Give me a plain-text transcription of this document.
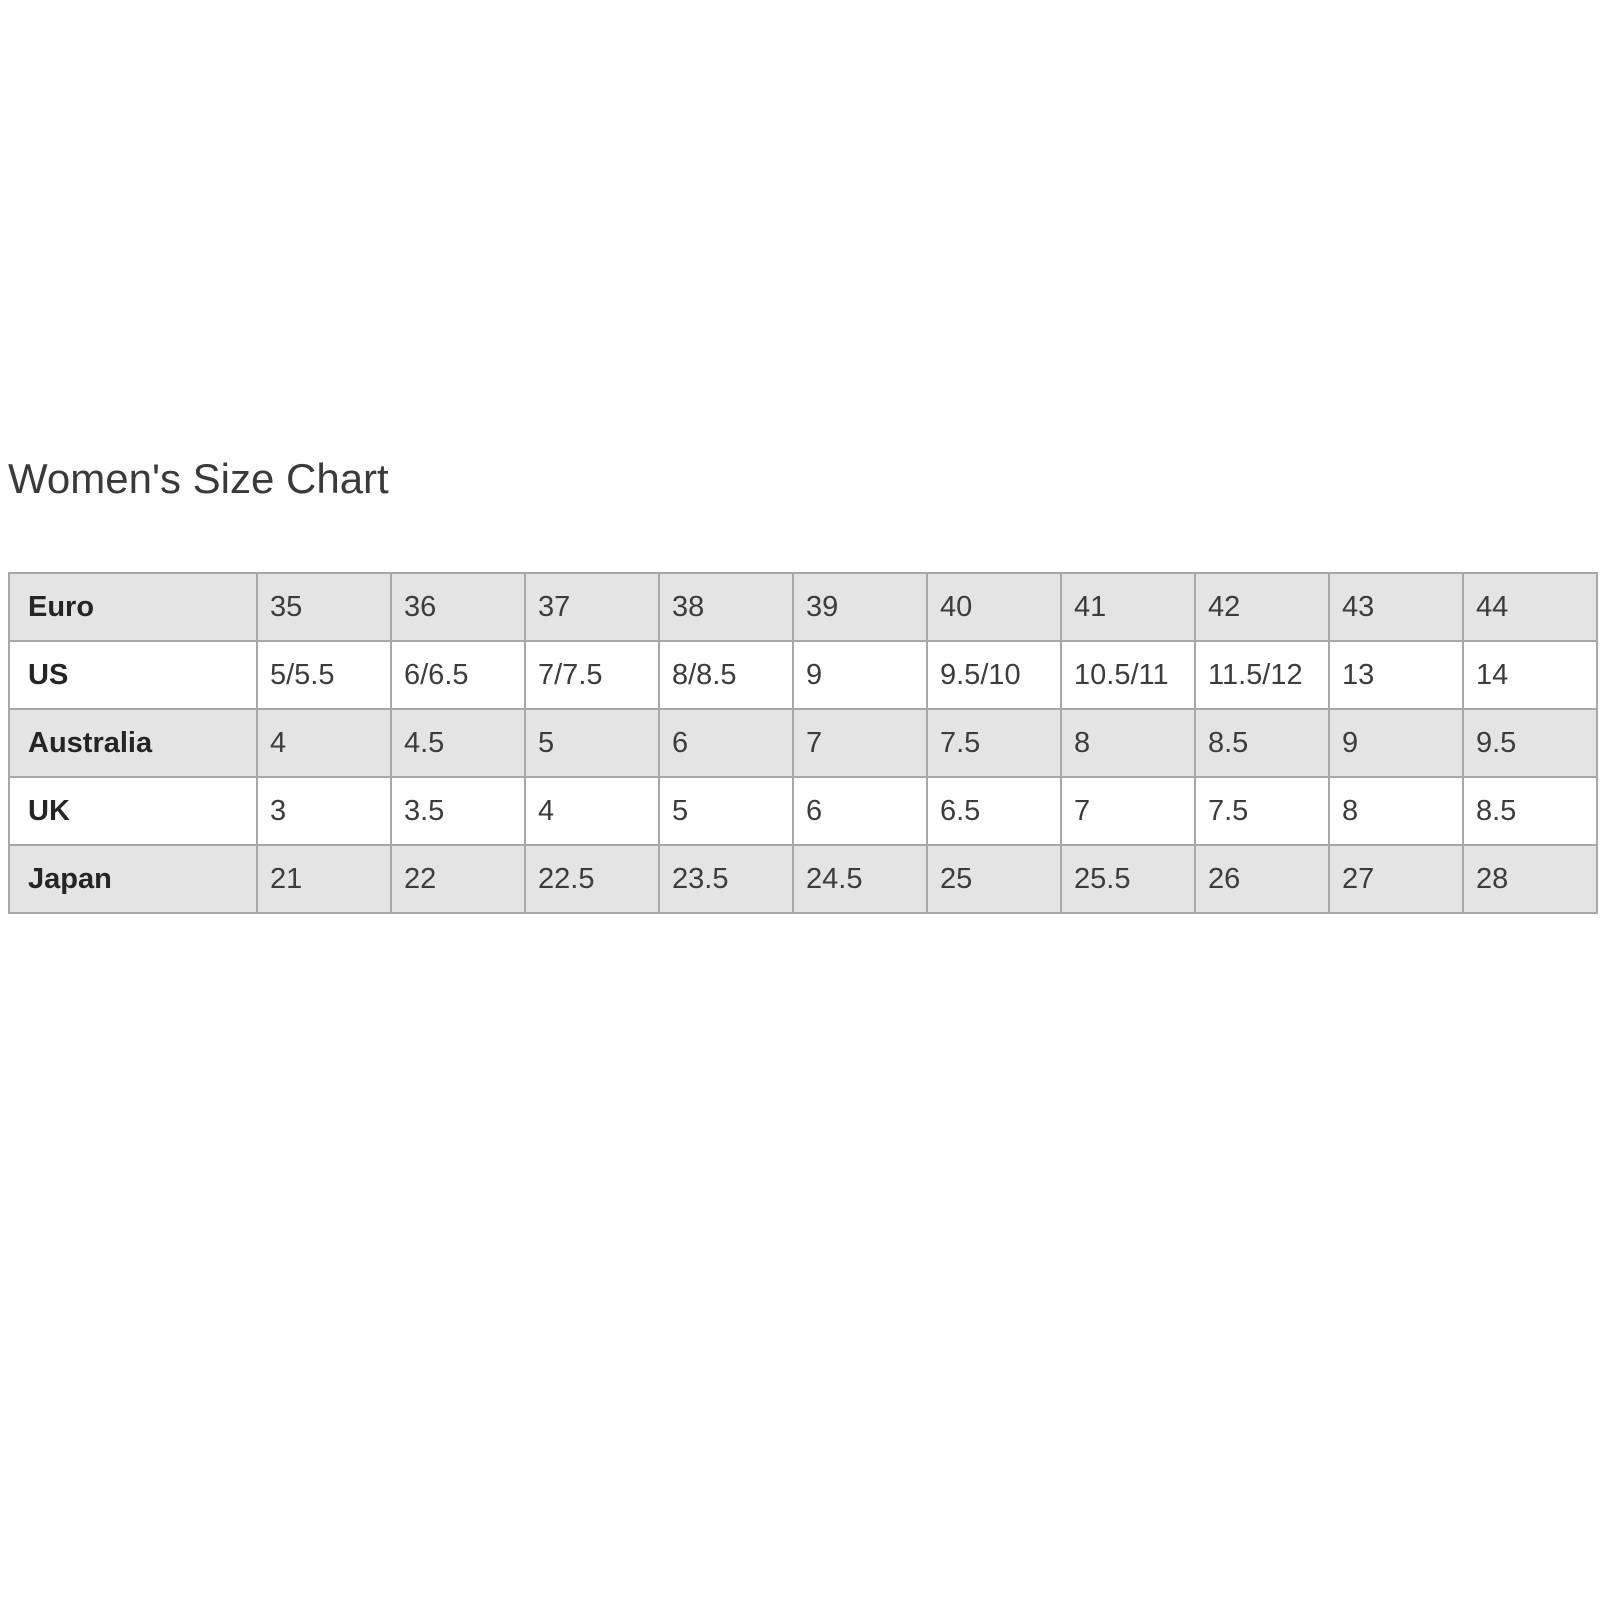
Women's Size Chart
Euro	35	36	37	38	39	40	41	42	43	44
US	5/5.5	6/6.5	7/7.5	8/8.5	9	9.5/10	10.5/11	11.5/12	13	14
Australia	4	4.5	5	6	7	7.5	8	8.5	9	9.5
UK	3	3.5	4	5	6	6.5	7	7.5	8	8.5
Japan	21	22	22.5	23.5	24.5	25	25.5	26	27	28
